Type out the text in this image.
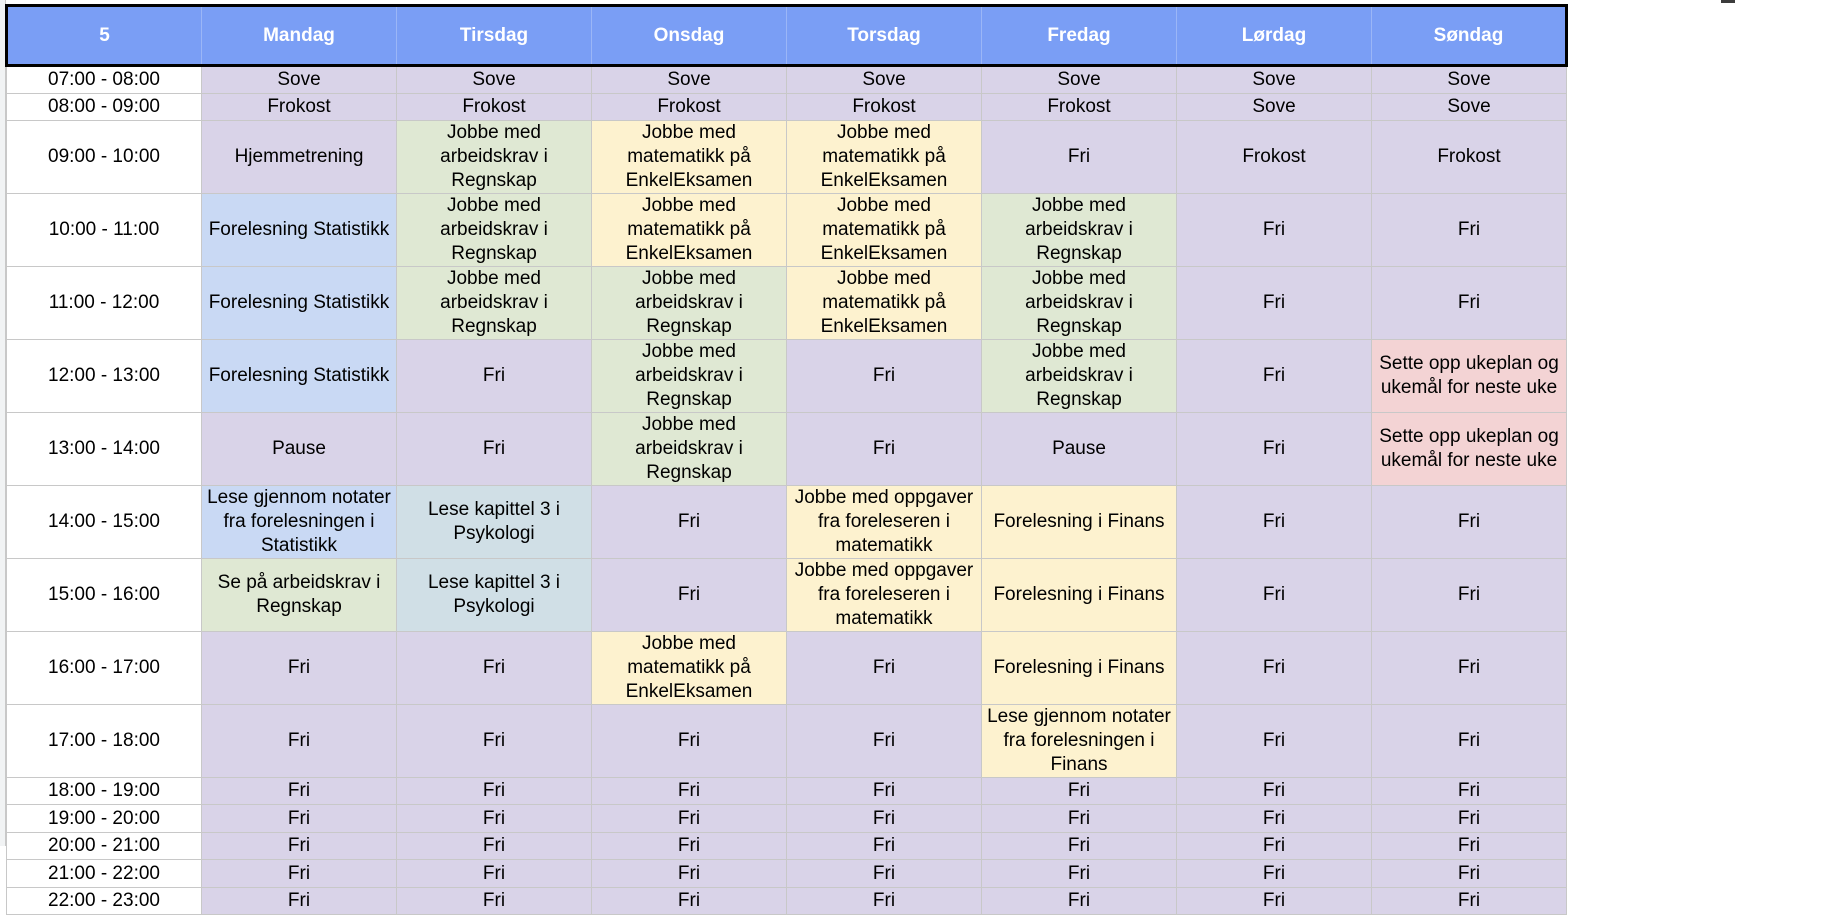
5	Mandag	Tirsdag	Onsdag	Torsdag	Fredag	Lørdag	Søndag
07:00 - 08:00	Sove	Sove	Sove	Sove	Sove	Sove	Sove
08:00 - 09:00	Frokost	Frokost	Frokost	Frokost	Frokost	Sove	Sove
09:00 - 10:00	Hjemmetrening	Jobbe med arbeidskrav i Regnskap	Jobbe med matematikk på EnkelEksamen	Jobbe med matematikk på EnkelEksamen	Fri	Frokost	Frokost
10:00 - 11:00	Forelesning Statistikk	Jobbe med arbeidskrav i Regnskap	Jobbe med matematikk på EnkelEksamen	Jobbe med matematikk på EnkelEksamen	Jobbe med arbeidskrav i Regnskap	Fri	Fri
11:00 - 12:00	Forelesning Statistikk	Jobbe med arbeidskrav i Regnskap	Jobbe med arbeidskrav i Regnskap	Jobbe med matematikk på EnkelEksamen	Jobbe med arbeidskrav i Regnskap	Fri	Fri
12:00 - 13:00	Forelesning Statistikk	Fri	Jobbe med arbeidskrav i Regnskap	Fri	Jobbe med arbeidskrav i Regnskap	Fri	Sette opp ukeplan og ukemål for neste uke
13:00 - 14:00	Pause	Fri	Jobbe med arbeidskrav i Regnskap	Fri	Pause	Fri	Sette opp ukeplan og ukemål for neste uke
14:00 - 15:00	Lese gjennom notater fra forelesningen i Statistikk	Lese kapittel 3 i Psykologi	Fri	Jobbe med oppgaver fra foreleseren i matematikk	Forelesning i Finans	Fri	Fri
15:00 - 16:00	Se på arbeidskrav i Regnskap	Lese kapittel 3 i Psykologi	Fri	Jobbe med oppgaver fra foreleseren i matematikk	Forelesning i Finans	Fri	Fri
16:00 - 17:00	Fri	Fri	Jobbe med matematikk på EnkelEksamen	Fri	Forelesning i Finans	Fri	Fri
17:00 - 18:00	Fri	Fri	Fri	Fri	Lese gjennom notater fra forelesningen i Finans	Fri	Fri
18:00 - 19:00	Fri	Fri	Fri	Fri	Fri	Fri	Fri
19:00 - 20:00	Fri	Fri	Fri	Fri	Fri	Fri	Fri
20:00 - 21:00	Fri	Fri	Fri	Fri	Fri	Fri	Fri
21:00 - 22:00	Fri	Fri	Fri	Fri	Fri	Fri	Fri
22:00 - 23:00	Fri	Fri	Fri	Fri	Fri	Fri	Fri
